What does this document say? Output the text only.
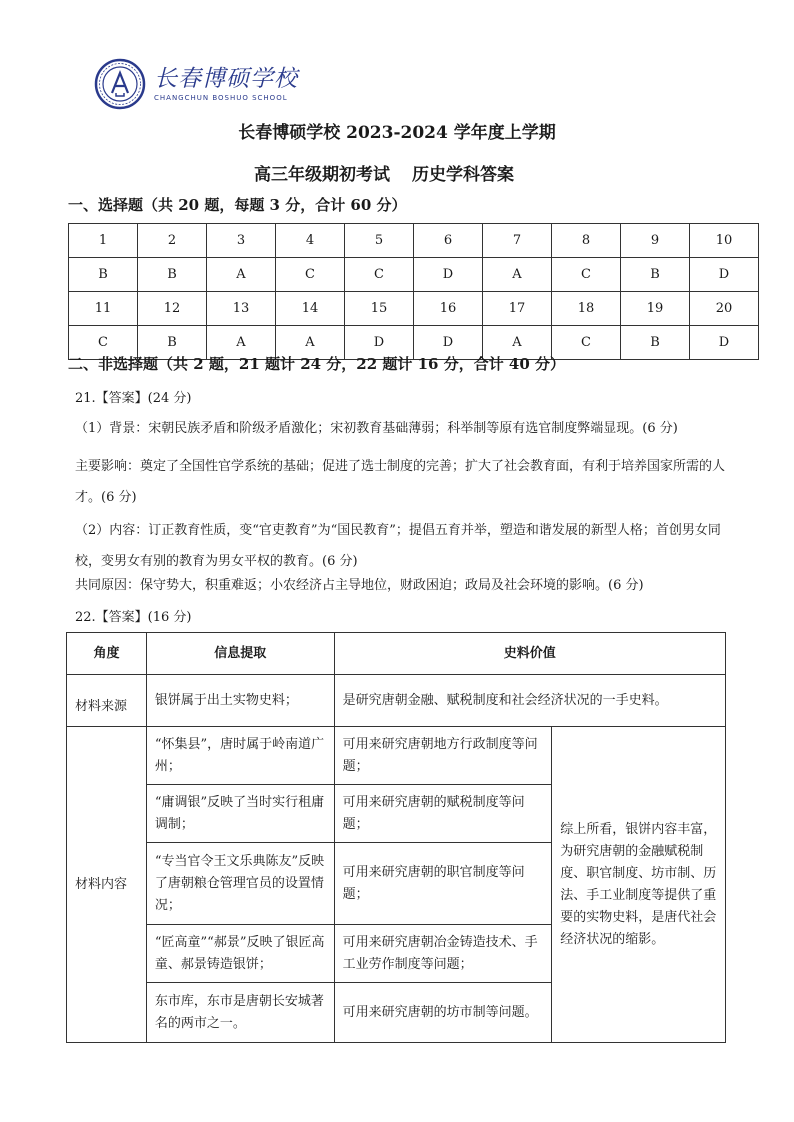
长春博硕学校
CHANGCHUN BOSHUO SCHOOL
长春博硕学校 2023-2024 学年度上学期
高三年级期初考试 历史学科答案
一、选择题（共 20 题，每题 3 分，合计 60 分）
1	2	3	4	5	6	7	8	9	10
B	B	A	C	C	D	A	C	B	D
11	12	13	14	15	16	17	18	19	20
C	B	A	A	D	D	A	C	B	D
二、非选择题（共 2 题，21 题计 24 分，22 题计 16 分，合计 40 分）
21.【答案】(24 分)
（1）背景：宋朝民族矛盾和阶级矛盾激化；宋初教育基础薄弱；科举制等原有选官制度弊端显现。(6 分)
主要影响：奠定了全国性官学系统的基础；促进了选士制度的完善；扩大了社会教育面，有利于培养国家所需的人才。(6 分)
（2）内容：订正教育性质，变“官吏教育”为“国民教育”；提倡五育并举，塑造和谐发展的新型人格；首创男女同校，变男女有别的教育为男女平权的教育。(6 分)
共同原因：保守势大，积重难返；小农经济占主导地位，财政困迫；政局及社会环境的影响。(6 分)
22.【答案】(16 分)
角度	信息提取	史料价值	
材料来源	银饼属于出土实物史料；	是研究唐朝金融、赋税制度和社会经济状况的一手史料。	
材料内容	“怀集县”，唐时属于岭南道广州；	可用来研究唐朝地方行政制度等问题；	综上所看，银饼内容丰富，为研究唐朝的金融赋税制度、职官制度、坊市制、历法、手工业制度等提供了重要的实物史料，是唐代社会经济状况的缩影。
	“庸调银”反映了当时实行租庸调制；	可用来研究唐朝的赋税制度等问题；	
	“专当官令王文乐典陈友”反映了唐朝粮仓管理官员的设置情况；	可用来研究唐朝的职官制度等问题；	
	“匠高童”“郝景”反映了银匠高童、郝景铸造银饼；	可用来研究唐朝冶金铸造技术、手工业劳作制度等问题；	
	东市库，东市是唐朝长安城著名的两市之一。	可用来研究唐朝的坊市制等问题。	
